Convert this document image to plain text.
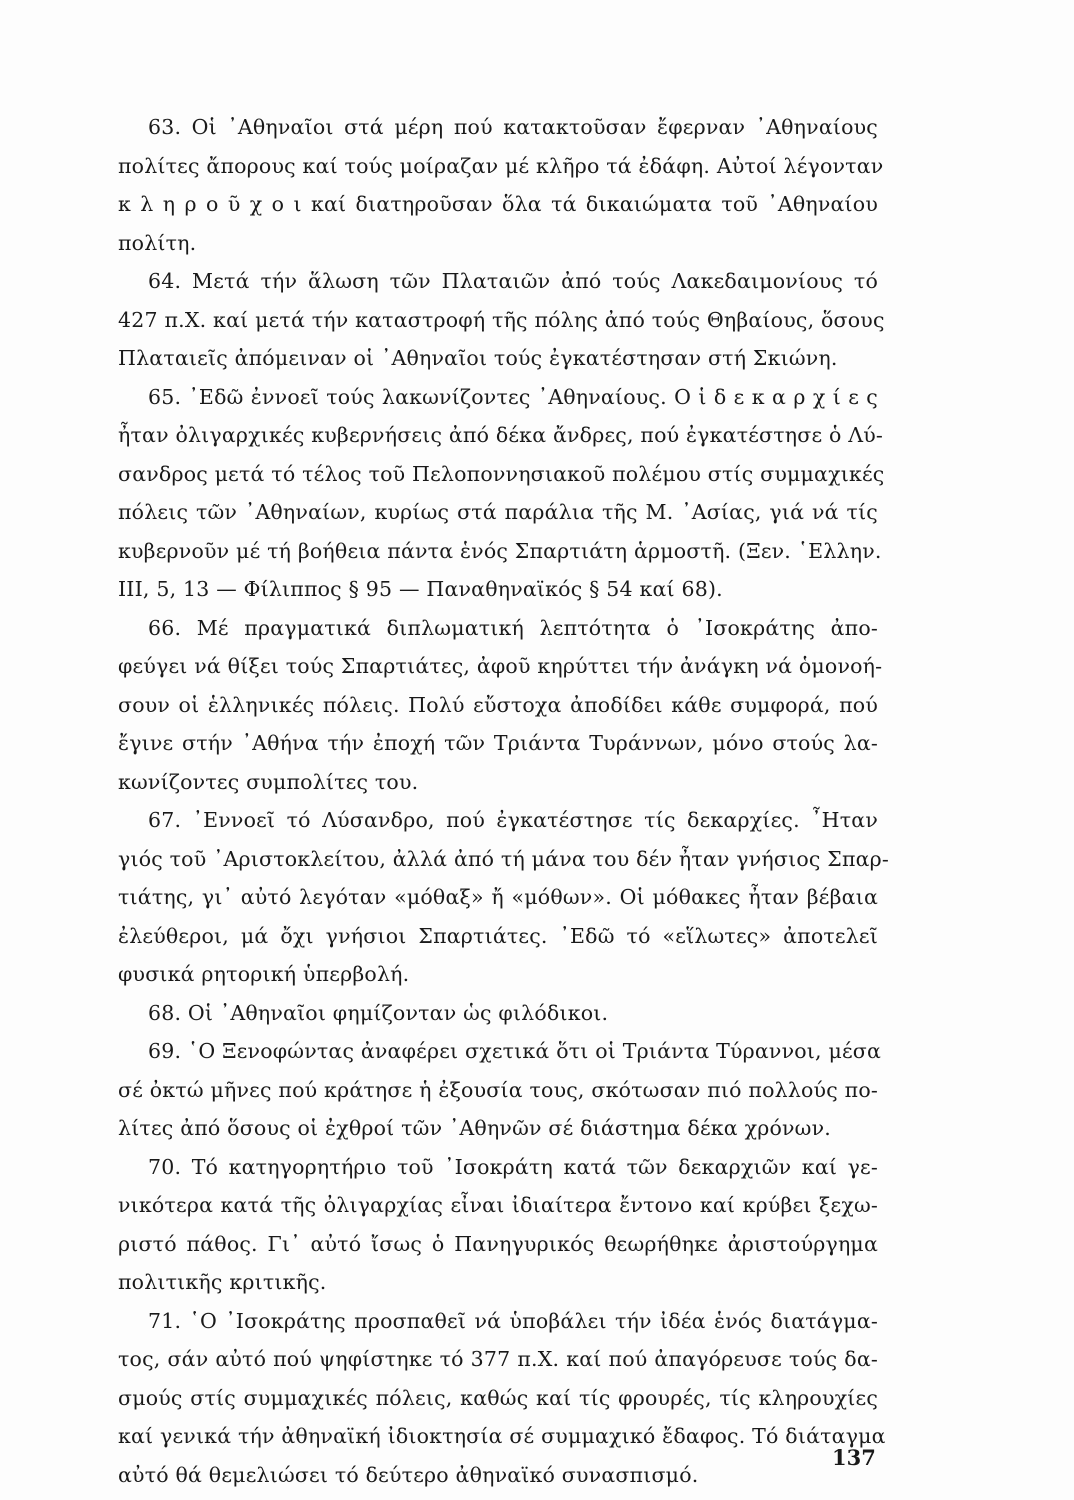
63. Οἱ ᾿Αθηναῖοι στά μέρη πού κατακτοῦσαν ἔφερναν ᾿Αθηναίους
πολίτες ἄπορους καί τούς μοίραζαν μέ κλῆρο τά ἐδάφη. Αὐτοί λέγονταν
κ λ η ρ ο ῦ χ ο ι καί διατηροῦσαν ὅλα τά δικαιώματα τοῦ ᾿Αθηναίου
πολίτη.
64. Μετά τήν ἅλωση τῶν Πλαταιῶν ἀπό τούς Λακεδαιμονίους τό
427 π.Χ. καί μετά τήν καταστροφή τῆς πόλης ἀπό τούς Θηβαίους, ὅσους
Πλαταιεῖς ἀπόμειναν οἱ ᾿Αθηναῖοι τούς ἐγκατέστησαν στή Σκιώνη.
65. ᾿Εδῶ ἐννοεῖ τούς λακωνίζοντες ᾿Αθηναίους. Ο ἱ δ ε κ α ρ χ ί ε ς
ἦταν ὀλιγαρχικές κυβερνήσεις ἀπό δέκα ἄνδρες, πού ἐγκατέστησε ὁ Λύ-
σανδρος μετά τό τέλος τοῦ Πελοποννησιακοῦ πολέμου στίς συμμαχικές
πόλεις τῶν ᾿Αθηναίων, κυρίως στά παράλια τῆς Μ. ᾿Ασίας, γιά νά τίς
κυβερνοῦν μέ τή βοήθεια πάντα ἑνός Σπαρτιάτη ἁρμοστῆ. (Ξεν. ῾Ελλην.
III, 5, 13 — Φίλιππος § 95 — Παναθηναϊκός § 54 καί 68).
66. Μέ πραγματικά διπλωματική λεπτότητα ὁ ᾿Ισοκράτης ἀπο-
φεύγει νά θίξει τούς Σπαρτιάτες, ἀφοῦ κηρύττει τήν ἀνάγκη νά ὁμονοή-
σουν οἱ ἑλληνικές πόλεις. Πολύ εὔστοχα ἀποδίδει κάθε συμφορά, πού
ἔγινε στήν ᾿Αθήνα τήν ἐποχή τῶν Τριάντα Τυράννων, μόνο στούς λα-
κωνίζοντες συμπολίτες του.
67. ᾿Εννοεῖ τό Λύσανδρο, πού ἐγκατέστησε τίς δεκαρχίες. ῏Ηταν
γιός τοῦ ᾿Αριστοκλείτου, ἀλλά ἀπό τή μάνα του δέν ἦταν γνήσιος Σπαρ-
τιάτης, γι᾿ αὐτό λεγόταν «μόθαξ» ἤ «μόθων». Οἱ μόθακες ἦταν βέβαια
ἐλεύθεροι, μά ὄχι γνήσιοι Σπαρτιάτες. ᾿Εδῶ τό «εἵλωτες» ἀποτελεῖ
φυσικά ρητορική ὑπερβολή.
68. Οἱ ᾿Αθηναῖοι φημίζονταν ὡς φιλόδικοι.
69. ῾Ο Ξενοφώντας ἀναφέρει σχετικά ὅτι οἱ Τριάντα Τύραννοι, μέσα
σέ ὀκτώ μῆνες πού κράτησε ἡ ἐξουσία τους, σκότωσαν πιό πολλούς πο-
λίτες ἀπό ὅσους οἱ ἐχθροί τῶν ᾿Αθηνῶν σέ διάστημα δέκα χρόνων.
70. Τό κατηγορητήριο τοῦ ᾿Ισοκράτη κατά τῶν δεκαρχιῶν καί γε-
νικότερα κατά τῆς ὀλιγαρχίας εἶναι ἰδιαίτερα ἔντονο καί κρύβει ξεχω-
ριστό πάθος. Γι᾿ αὐτό ἴσως ὁ Πανηγυρικός θεωρήθηκε ἀριστούργημα
πολιτικῆς κριτικῆς.
71. ῾Ο ᾿Ισοκράτης προσπαθεῖ νά ὑποβάλει τήν ἰδέα ἑνός διατάγμα-
τος, σάν αὐτό πού ψηφίστηκε τό 377 π.Χ. καί πού ἀπαγόρευσε τούς δα-
σμούς στίς συμμαχικές πόλεις, καθώς καί τίς φρουρές, τίς κληρουχίες
καί γενικά τήν ἀθηναϊκή ἰδιοκτησία σέ συμμαχικό ἔδαφος. Τό διάταγμα
αὐτό θά θεμελιώσει τό δεύτερο ἀθηναϊκό συνασπισμό.
137
